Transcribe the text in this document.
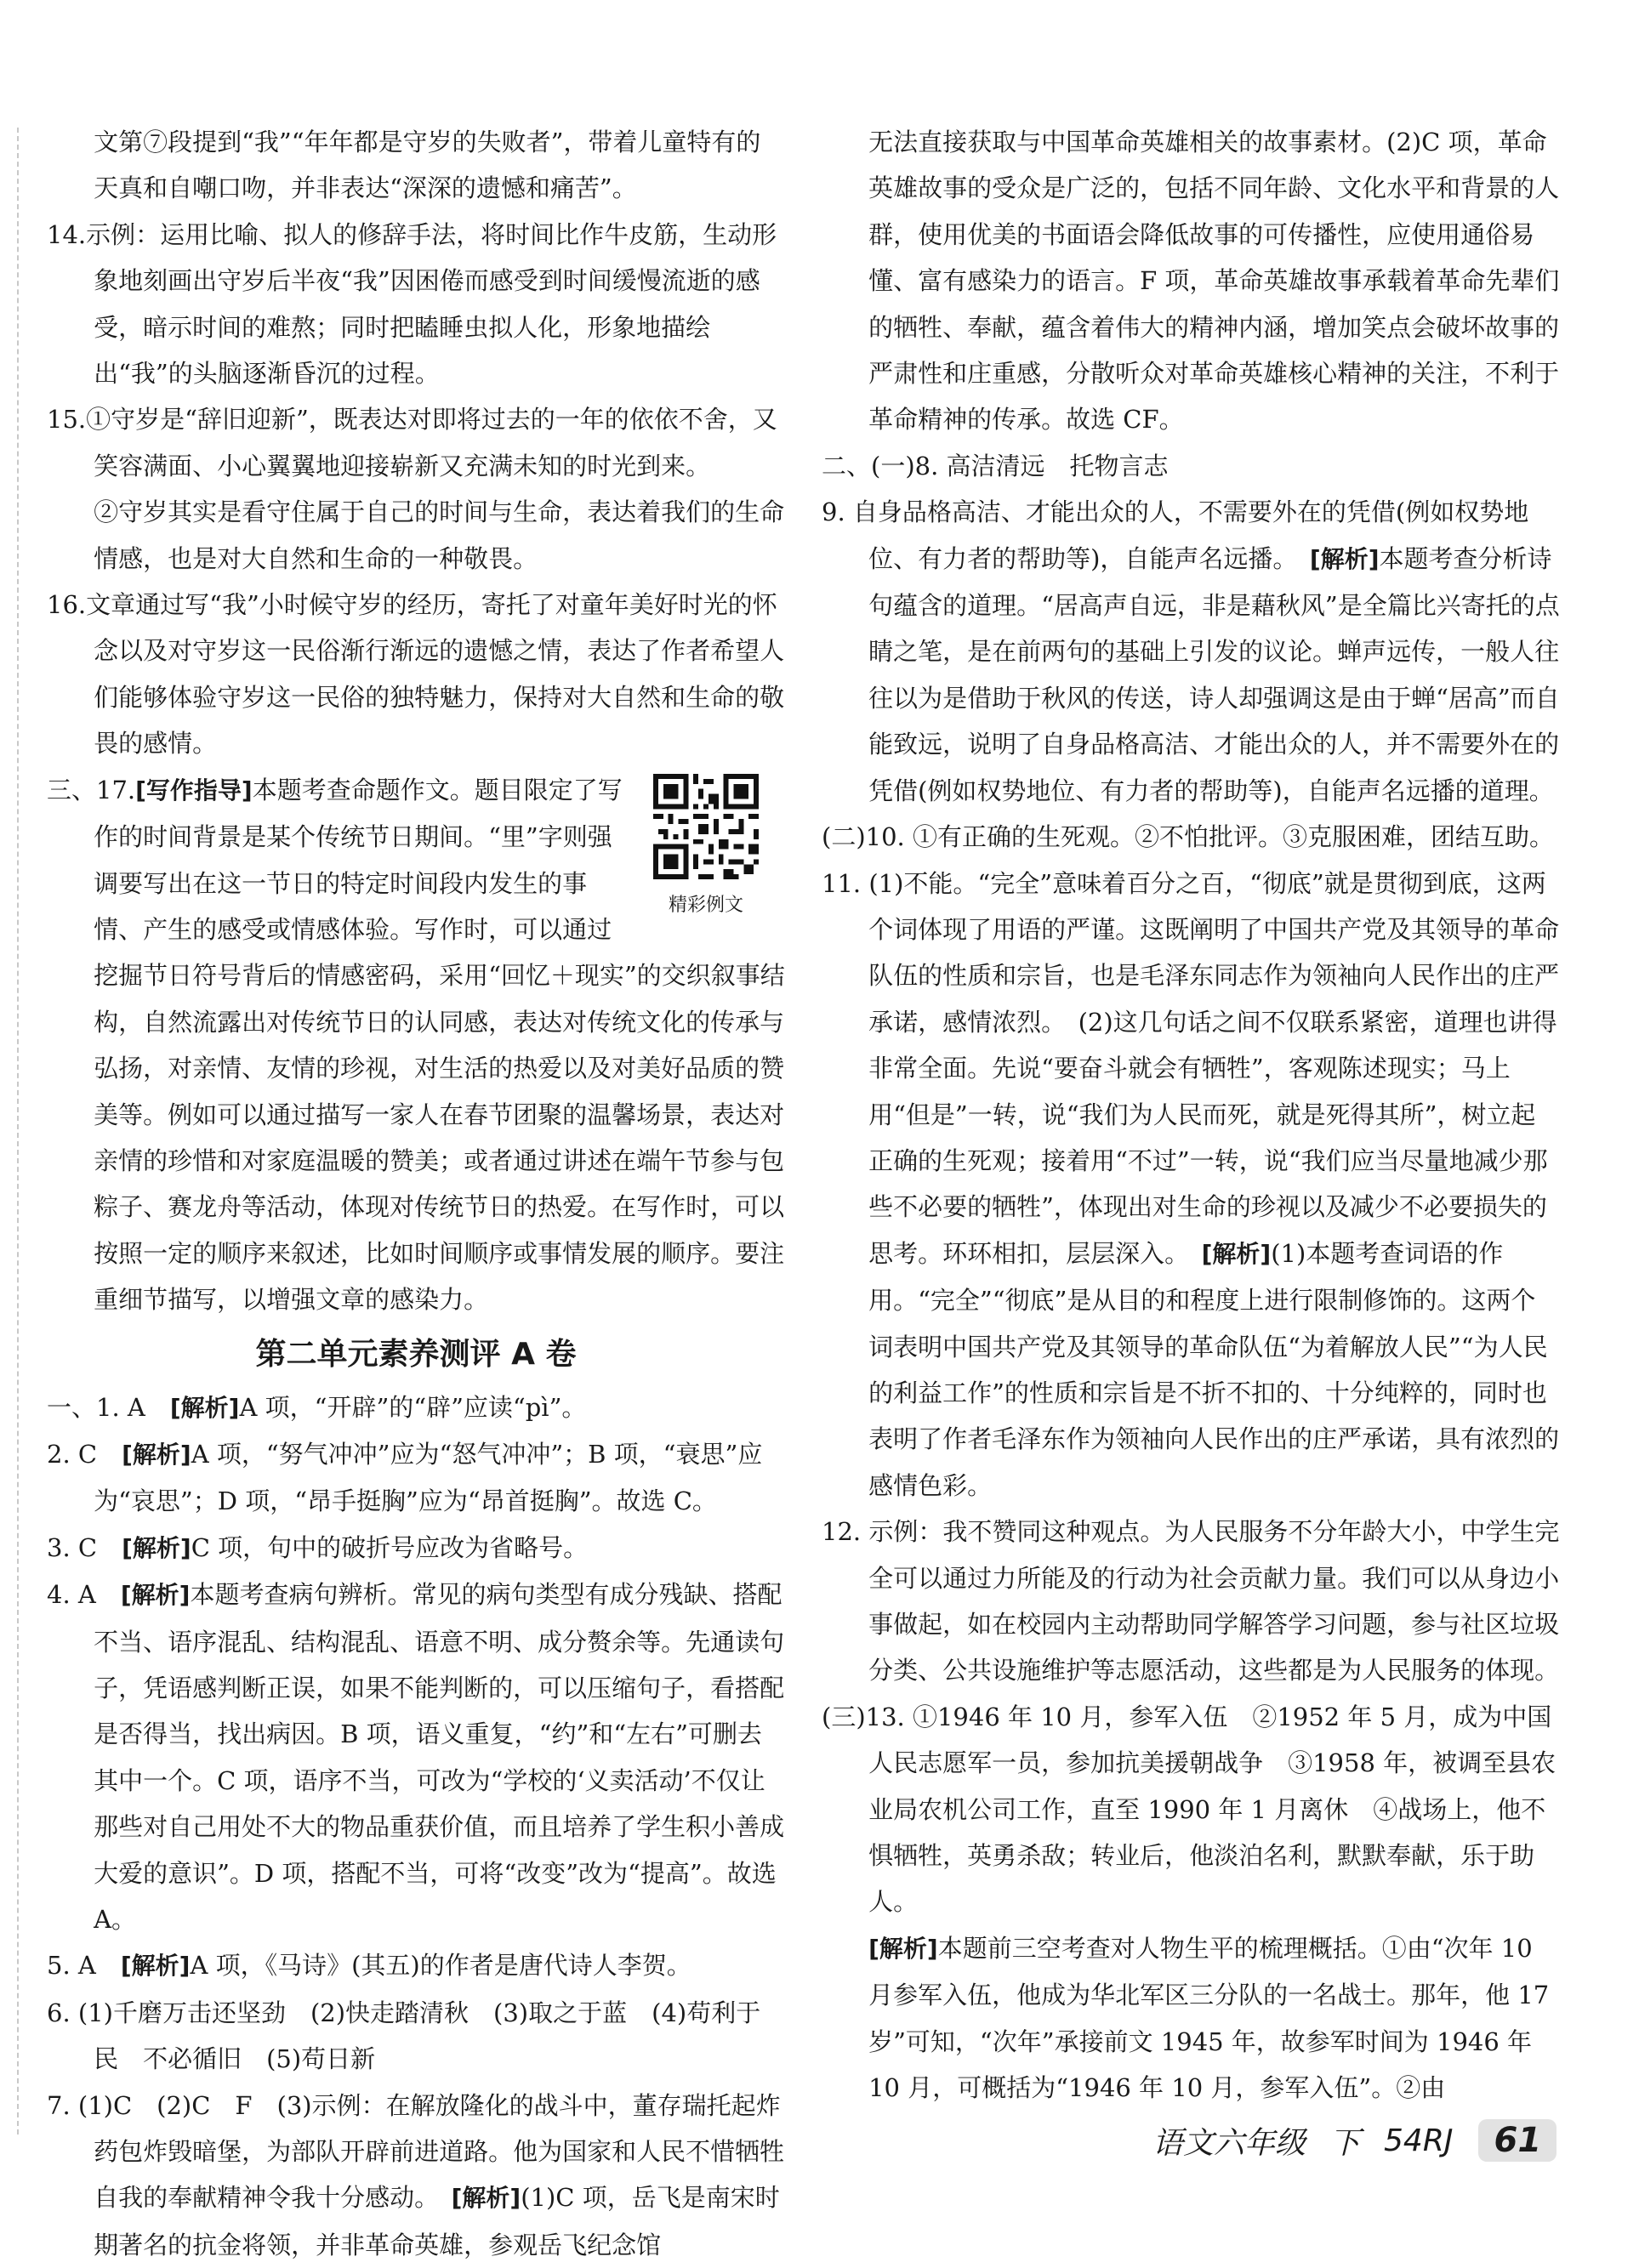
文第⑦段提到“我”“年年都是守岁的失败者”，带着儿童特有的天真和自嘲口吻，并非表达“深深的遗憾和痛苦”。

14.示例：运用比喻、拟人的修辞手法，将时间比作牛皮筋，生动形象地刻画出守岁后半夜“我”因困倦而感受到时间缓慢流逝的感受，暗示时间的难熬；同时把瞌睡虫拟人化，形象地描绘出“我”的头脑逐渐昏沉的过程。

15.①守岁是“辞旧迎新”，既表达对即将过去的一年的依依不舍，又笑容满面、小心翼翼地迎接崭新又充满未知的时光到来。

②守岁其实是看守住属于自己的时间与生命，表达着我们的生命情感，也是对大自然和生命的一种敬畏。

16.文章通过写“我”小时候守岁的经历，寄托了对童年美好时光的怀念以及对守岁这一民俗渐行渐远的遗憾之情，表达了作者希望人们能够体验守岁这一民俗的独特魅力，保持对大自然和生命的敬畏的感情。

三、17.[写作指导]
精彩例文
本题考查命题作文。题目限定了写作的时间背景是某个传统节日期间。“里”字则强调要写出在这一节日的特定时间段内发生的事情、产生的感受或情感体验。写作时，可以通过挖掘节日符号背后的情感密码，采用“回忆＋现实”的交织叙事结构，自然流露出对传统节日的认同感，表达对传统文化的传承与弘扬，对亲情、友情的珍视，对生活的热爱以及对美好品质的赞美等。例如可以通过描写一家人在春节团聚的温馨场景，表达对亲情的珍惜和对家庭温暖的赞美；或者通过讲述在端午节参与包粽子、赛龙舟等活动，体现对传统节日的热爱。在写作时，可以按照一定的顺序来叙述，比如时间顺序或事情发展的顺序。要注重细节描写，以增强文章的感染力。

第二单元素养测评 A 卷

一、1. A　[解析]A 项，“开辟”的“辟”应读“pì”。

2. C　[解析]A 项，“努气冲冲”应为“怒气冲冲”；B 项，“衰思”应为“哀思”；D 项，“昂手挺胸”应为“昂首挺胸”。故选 C。

3. C　[解析]C 项，句中的破折号应改为省略号。

4. A　[解析]本题考查病句辨析。常见的病句类型有成分残缺、搭配不当、语序混乱、结构混乱、语意不明、成分赘余等。先通读句子，凭语感判断正误，如果不能判断的，可以压缩句子，看搭配是否得当，找出病因。B 项，语义重复，“约”和“左右”可删去其中一个。C 项，语序不当，可改为“学校的‘义卖活动’不仅让那些对自己用处不大的物品重获价值，而且培养了学生积小善成大爱的意识”。D 项，搭配不当，可将“改变”改为“提高”。故选 A。

5. A　[解析]A 项，《马诗》(其五)的作者是唐代诗人李贺。

6. (1)千磨万击还坚劲　(2)快走踏清秋　(3)取之于蓝　(4)苟利于民　不必循旧　(5)苟日新

7. (1)C　(2)C　F　(3)示例：在解放隆化的战斗中，董存瑞托起炸药包炸毁暗堡，为部队开辟前进道路。他为国家和人民不惜牺牲自我的奉献精神令我十分感动。　[解析](1)C 项，岳飞是南宋时期著名的抗金将领，并非革命英雄，参观岳飞纪念馆

无法直接获取与中国革命英雄相关的故事素材。(2)C 项，革命英雄故事的受众是广泛的，包括不同年龄、文化水平和背景的人群，使用优美的书面语会降低故事的可传播性，应使用通俗易懂、富有感染力的语言。F 项，革命英雄故事承载着革命先辈们的牺牲、奉献，蕴含着伟大的精神内涵，增加笑点会破坏故事的严肃性和庄重感，分散听众对革命英雄核心精神的关注，不利于革命精神的传承。故选 CF。

二、(一)8. 高洁清远　托物言志

9. 自身品格高洁、才能出众的人，不需要外在的凭借(例如权势地位、有力者的帮助等)，自能声名远播。　[解析]本题考查分析诗句蕴含的道理。“居高声自远，非是藉秋风”是全篇比兴寄托的点睛之笔，是在前两句的基础上引发的议论。蝉声远传，一般人往往以为是借助于秋风的传送，诗人却强调这是由于蝉“居高”而自能致远，说明了自身品格高洁、才能出众的人，并不需要外在的凭借(例如权势地位、有力者的帮助等)，自能声名远播的道理。

(二)10. ①有正确的生死观。②不怕批评。③克服困难，团结互助。

11. (1)不能。“完全”意味着百分之百，“彻底”就是贯彻到底，这两个词体现了用语的严谨。这既阐明了中国共产党及其领导的革命队伍的性质和宗旨，也是毛泽东同志作为领袖向人民作出的庄严承诺，感情浓烈。　(2)这几句话之间不仅联系紧密，道理也讲得非常全面。先说“要奋斗就会有牺牲”，客观陈述现实；马上用“但是”一转，说“我们为人民而死，就是死得其所”，树立起正确的生死观；接着用“不过”一转，说“我们应当尽量地减少那些不必要的牺牲”，体现出对生命的珍视以及减少不必要损失的思考。环环相扣，层层深入。　[解析](1)本题考查词语的作用。“完全”“彻底”是从目的和程度上进行限制修饰的。这两个词表明中国共产党及其领导的革命队伍“为着解放人民”“为人民的利益工作”的性质和宗旨是不折不扣的、十分纯粹的，同时也表明了作者毛泽东作为领袖向人民作出的庄严承诺，具有浓烈的感情色彩。

12. 示例：我不赞同这种观点。为人民服务不分年龄大小，中学生完全可以通过力所能及的行动为社会贡献力量。我们可以从身边小事做起，如在校园内主动帮助同学解答学习问题，参与社区垃圾分类、公共设施维护等志愿活动，这些都是为人民服务的体现。

(三)13. ①1946 年 10 月，参军入伍　②1952 年 5 月，成为中国人民志愿军一员，参加抗美援朝战争　③1958 年，被调至县农业局农机公司工作，直至 1990 年 1 月离休　④战场上，他不惧牺牲，英勇杀敌；转业后，他淡泊名利，默默奉献，乐于助人。

[解析]本题前三空考查对人物生平的梳理概括。①由“次年 10 月参军入伍，他成为华北军区三分队的一名战士。那年，他 17 岁”可知，“次年”承接前文 1945 年，故参军时间为 1946 年 10 月，可概括为“1946 年 10 月，参军入伍”。②由

语文六年级 下 54RJ	61
